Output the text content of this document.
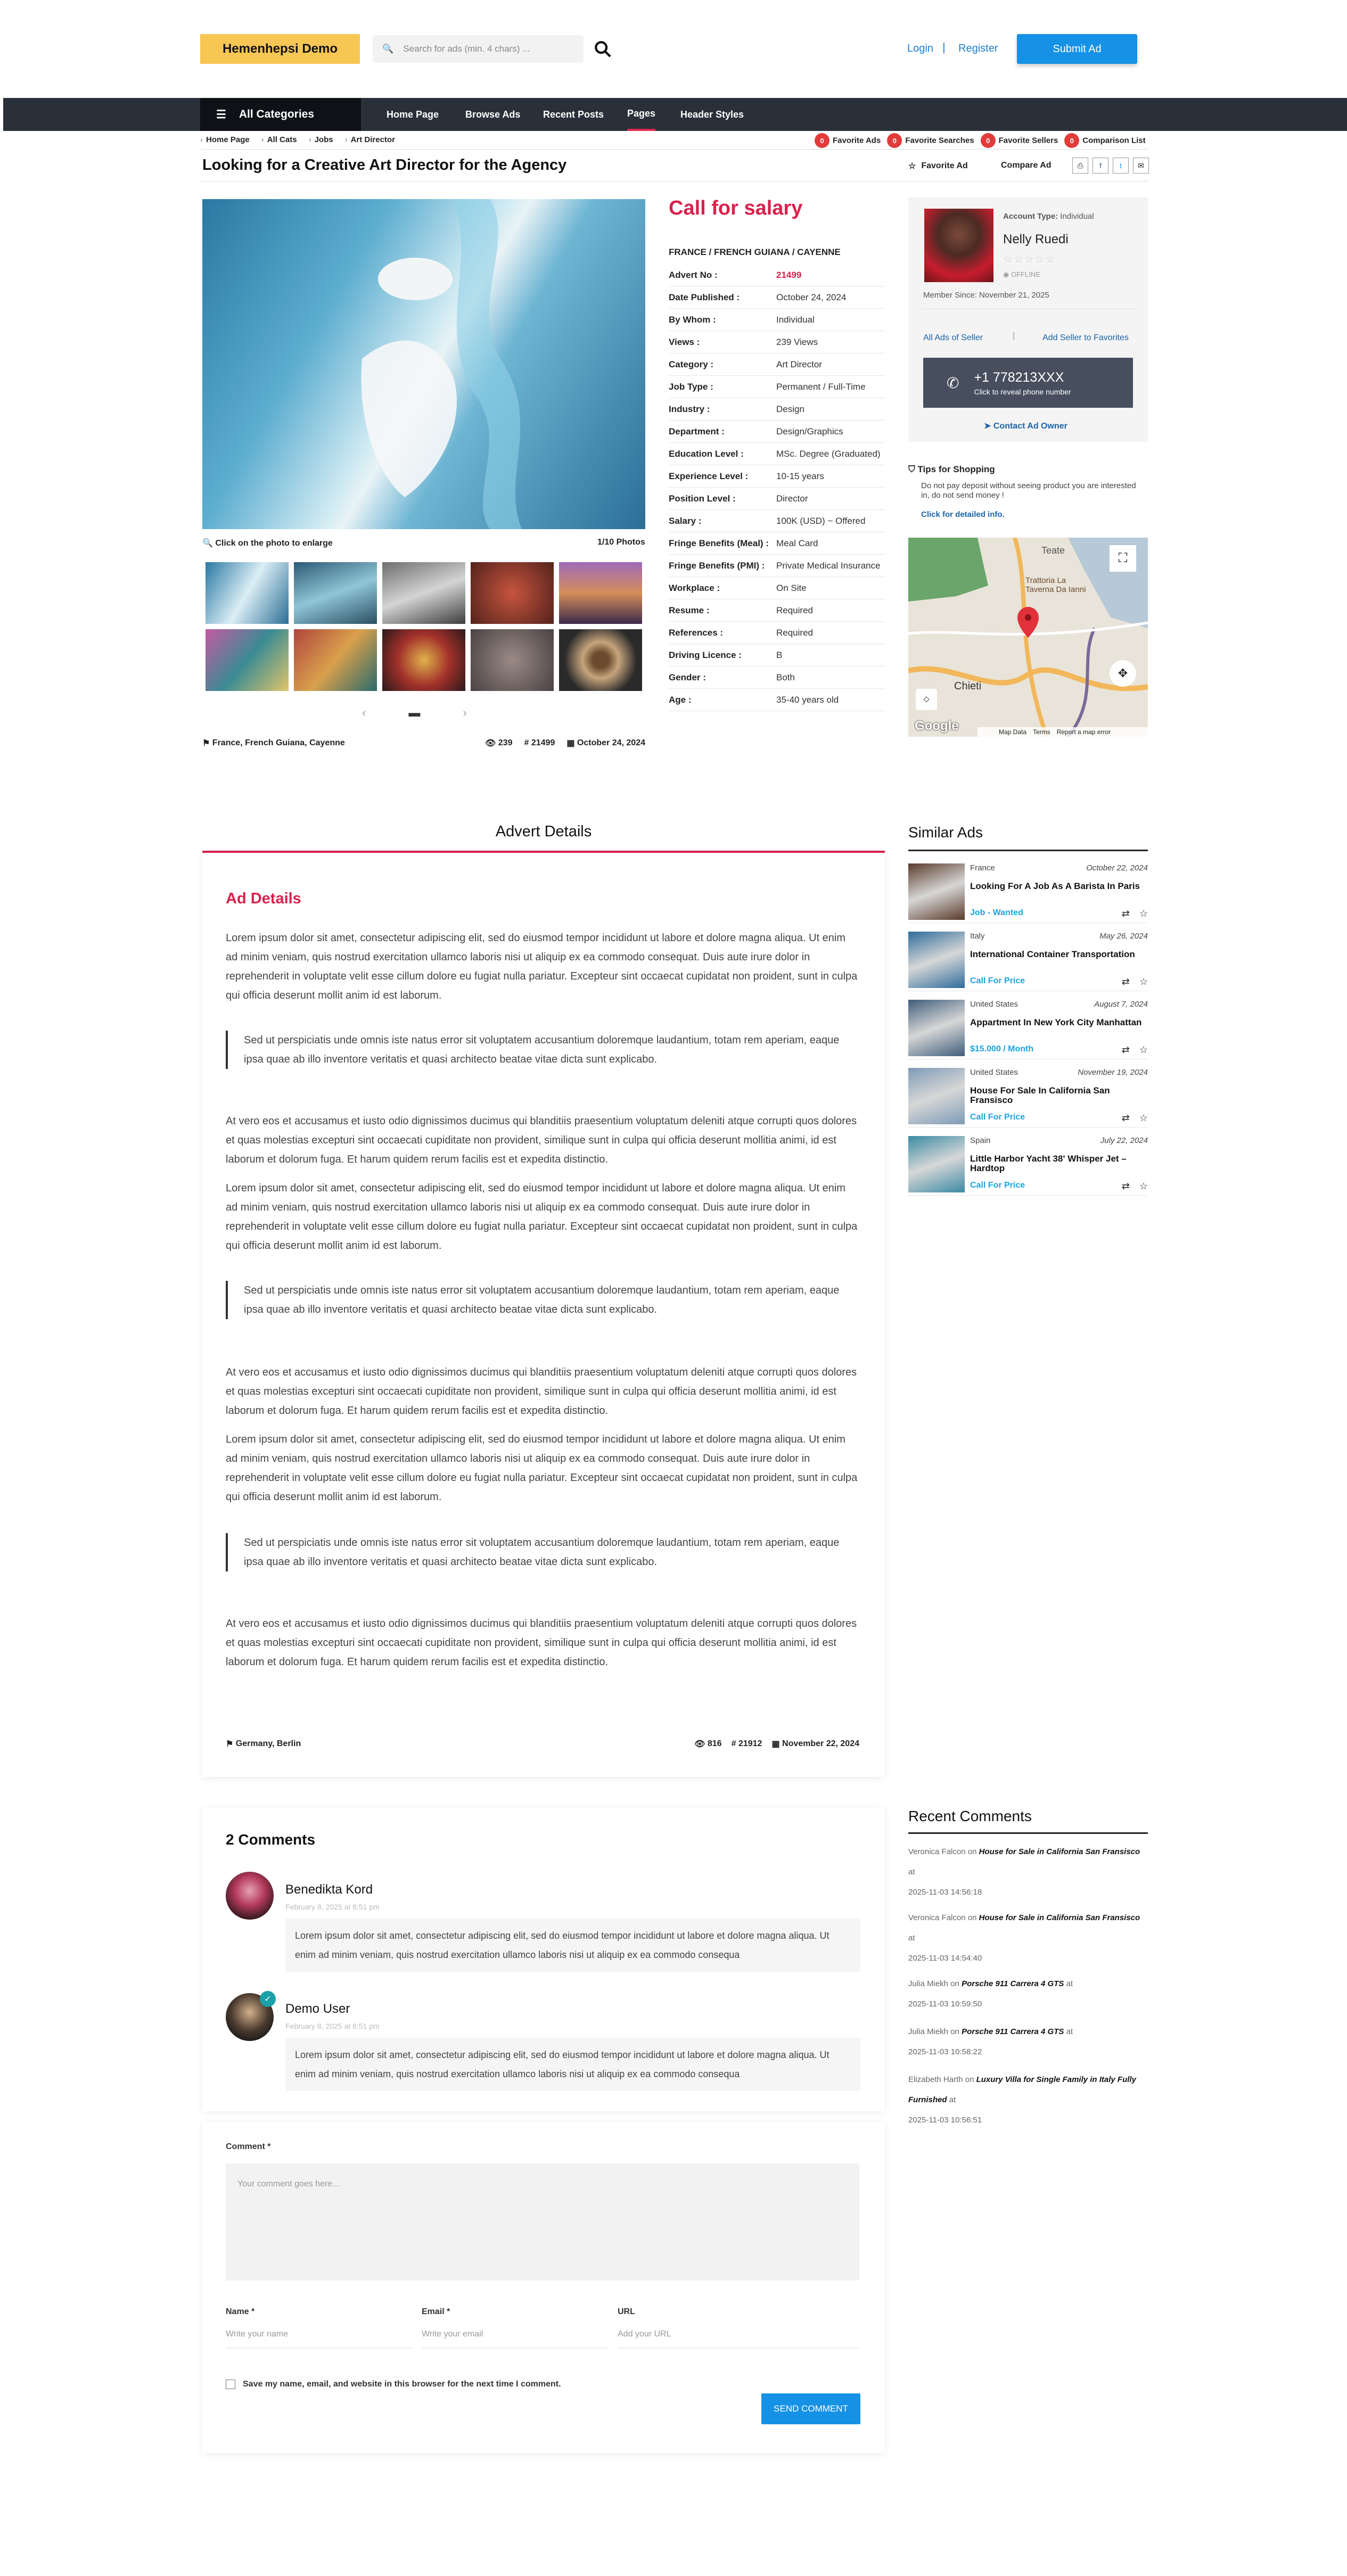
Hemenhepsi Demo	🔍 Search for ads (min. 4 chars) ...	Login | Register	Submit Ad
☰ All Categories	Home Page	Browse Ads Recent Posts Pages	Header Styles
› Home Page › All Cats › Jobs › Art Director	0 Favorite Ads	0 Favorite Searches	0 Favorite Sellers	0 Comparison List
Looking for a Creative Art Director for the Agency	☆ Favorite Ad	Compare Ad	⎙	f	t	✉
🔍 Click on the photo to enlarge	1/10 Photos
‹	▬	›
⚑
France, French Guiana, Cayenne	👁
239 #
21499 ▦
October 24, 2024
Call for salary
FRANCE / FRENCH GUIANA / CAYENNE
Advert No :	21499
Date Published :	October 24, 2024
By Whom :	Individual
Views :	239 Views
Category :	Art Director
Job Type :	Permanent / Full-Time
Industry :	Design
Department :	Design/Graphics
Education Level :	MSc. Degree (Graduated)
Experience Level :	10-15 years
Position Level :	Director
Salary :	100K (USD) ~ Offered
Fringe Benefits (Meal) : Meal Card
Fringe Benefits (PMI) :	Private Medical Insurance
Workplace :	On Site
Resume :	Required
References :	Required
Driving Licence :	B
Gender :	Both
Age :	35-40 years old
Account Type: Individual
Nelly Ruedi
☆☆☆☆☆
◉ OFFLINE
Member Since: November 21, 2025
All Ads of Seller	|	Add Seller to Favorites
✆ +1 778213XXX
Click to reveal phone number
➤ Contact Ad Owner
⛉ Tips for Shopping
Do not pay deposit without seeing product you are interested in, do not send money !
Click for detailed info.
Teate
Trattoria La Taverna Da Ianni
Chieti
⛶
✥
⬦
Google	Map Data Terms Report a map error
Advert Details
Ad Details

Lorem ipsum dolor sit amet, consectetur adipiscing elit, sed do eiusmod tempor incididunt ut labore et dolore magna aliqua. Ut enim ad minim veniam, quis nostrud exercitation ullamco laboris nisi ut aliquip ex ea commodo consequat. Duis aute irure dolor in reprehenderit in voluptate velit esse cillum dolore eu fugiat nulla pariatur. Excepteur sint occaecat cupidatat non proident, sunt in culpa qui officia deserunt mollit anim id est laborum.

Sed ut perspiciatis unde omnis iste natus error sit voluptatem accusantium doloremque laudantium, totam rem aperiam, eaque ipsa quae ab illo inventore veritatis et quasi architecto beatae vitae dicta sunt explicabo.

At vero eos et accusamus et iusto odio dignissimos ducimus qui blanditiis praesentium voluptatum deleniti atque corrupti quos dolores et quas molestias excepturi sint occaecati cupiditate non provident, similique sunt in culpa qui officia deserunt mollitia animi, id est laborum et dolorum fuga. Et harum quidem rerum facilis est et expedita distinctio.

Lorem ipsum dolor sit amet, consectetur adipiscing elit, sed do eiusmod tempor incididunt ut labore et dolore magna aliqua. Ut enim ad minim veniam, quis nostrud exercitation ullamco laboris nisi ut aliquip ex ea commodo consequat. Duis aute irure dolor in reprehenderit in voluptate velit esse cillum dolore eu fugiat nulla pariatur. Excepteur sint occaecat cupidatat non proident, sunt in culpa qui officia deserunt mollit anim id est laborum.

Sed ut perspiciatis unde omnis iste natus error sit voluptatem accusantium doloremque laudantium, totam rem aperiam, eaque ipsa quae ab illo inventore veritatis et quasi architecto beatae vitae dicta sunt explicabo.

At vero eos et accusamus et iusto odio dignissimos ducimus qui blanditiis praesentium voluptatum deleniti atque corrupti quos dolores et quas molestias excepturi sint occaecati cupiditate non provident, similique sunt in culpa qui officia deserunt mollitia animi, id est laborum et dolorum fuga. Et harum quidem rerum facilis est et expedita distinctio.

Lorem ipsum dolor sit amet, consectetur adipiscing elit, sed do eiusmod tempor incididunt ut labore et dolore magna aliqua. Ut enim ad minim veniam, quis nostrud exercitation ullamco laboris nisi ut aliquip ex ea commodo consequat. Duis aute irure dolor in reprehenderit in voluptate velit esse cillum dolore eu fugiat nulla pariatur. Excepteur sint occaecat cupidatat non proident, sunt in culpa qui officia deserunt mollit anim id est laborum.

Sed ut perspiciatis unde omnis iste natus error sit voluptatem accusantium doloremque laudantium, totam rem aperiam, eaque ipsa quae ab illo inventore veritatis et quasi architecto beatae vitae dicta sunt explicabo.

At vero eos et accusamus et iusto odio dignissimos ducimus qui blanditiis praesentium voluptatum deleniti atque corrupti quos dolores et quas molestias excepturi sint occaecati cupiditate non provident, similique sunt in culpa qui officia deserunt mollitia animi, id est laborum et dolorum fuga. Et harum quidem rerum facilis est et expedita distinctio.

⚑
Germany, Berlin	👁
816 #
21912 ▦
November 22, 2024
2 Comments
Benedikta Kord
February 8, 2025 at 6:51 pm
Lorem ipsum dolor sit amet, consectetur adipiscing elit, sed do eiusmod tempor incididunt ut labore et dolore magna aliqua. Ut enim ad minim veniam, quis nostrud exercitation ullamco laboris nisi ut aliquip ex ea commodo consequa
✓
Demo User
February 8, 2025 at 6:51 pm
Lorem ipsum dolor sit amet, consectetur adipiscing elit, sed do eiusmod tempor incididunt ut labore et dolore magna aliqua. Ut enim ad minim veniam, quis nostrud exercitation ullamco laboris nisi ut aliquip ex ea commodo consequa
Comment *
Your comment goes here...
Name *
Write your name
Email *
Write your email
URL
Add your URL
Save my name, email, and website in this browser for the next time I comment.
SEND COMMENT
Similar Ads
France	October 22, 2024
Looking For A Job As A Barista In Paris
Job - Wanted	⇄ ☆
Italy	May 26, 2024
International Container Transportation
Call For Price	⇄ ☆
United States	August 7, 2024
Appartment In New York City Manhattan
$15.000 / Month	⇄ ☆
United States	November 19, 2024
House For Sale In California San Fransisco
Call For Price	⇄ ☆
Spain	July 22, 2024
Little Harbor Yacht 38' Whisper Jet – Hardtop
Call For Price	⇄ ☆
Recent Comments
Veronica Falcon on House for Sale in California San Fransisco at
2025-11-03 14:56:18
Veronica Falcon on House for Sale in California San Fransisco at
2025-11-03 14:54:40
Julia Miekh on Porsche 911 Carrera 4 GTS at
2025-11-03 10:59:50
Julia Miekh on Porsche 911 Carrera 4 GTS at
2025-11-03 10:58:22
Elizabeth Harth on Luxury Villa for Single Family in Italy Fully Furnished at
2025-11-03 10:56:51
